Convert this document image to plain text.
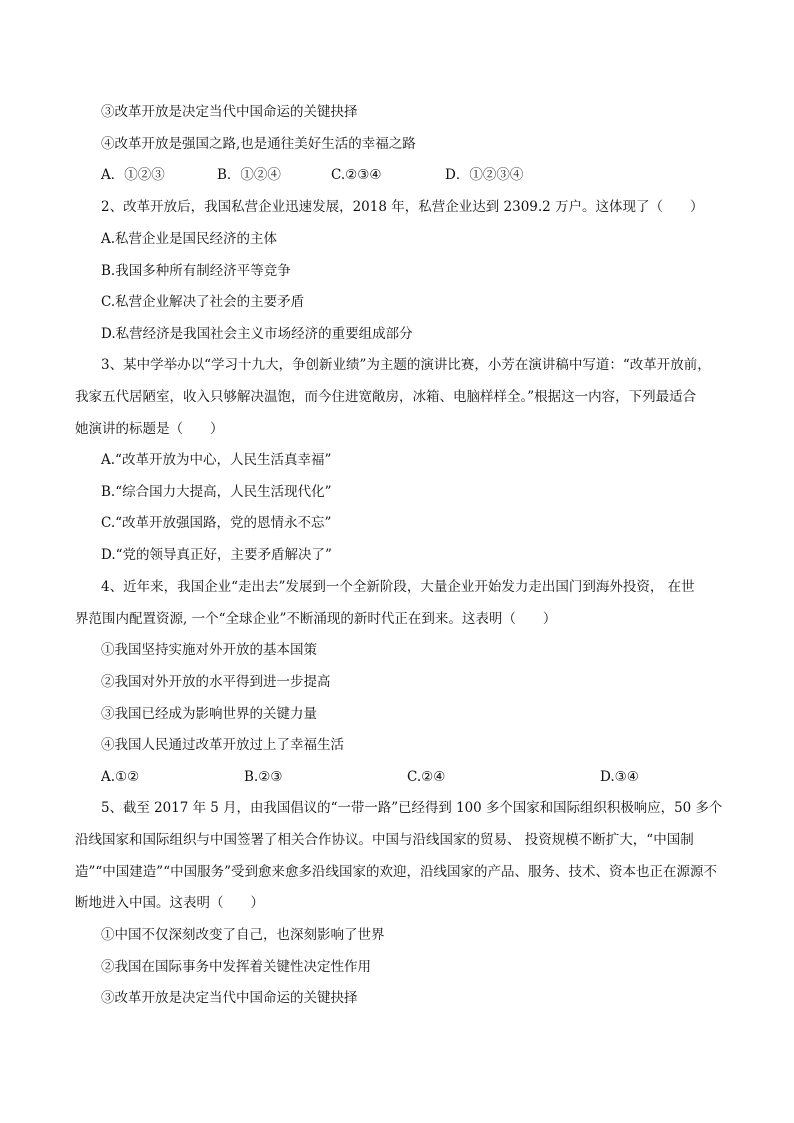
③改革开放是决定当代中国命运的关键抉择
④改革开放是强国之路,也是通往美好生活的幸福之路
A．①②③	B．①②④	C.②③④	D．①②③④
2、改革开放后，我国私营企业迅速发展，2018 年，私营企业达到 2309.2 万户。这体现了（　　）
A.私营企业是国民经济的主体
B.我国多种所有制经济平等竞争
C.私营企业解决了社会的主要矛盾
D.私营经济是我国社会主义市场经济的重要组成部分
3、某中学举办以“学习十九大，争创新业绩”为主题的演讲比赛，小芳在演讲稿中写道：“改革开放前，
我家五代居陋室，收入只够解决温饱，而今住进宽敞房，冰箱、电脑样样全。”根据这一内容，下列最适合
她演讲的标题是（　　）
A.“改革开放为中心，人民生活真幸福”
B.“综合国力大提高，人民生活现代化”
C.“改革开放强国路，党的恩情永不忘”
D.“党的领导真正好，主要矛盾解决了”
4、近年来，我国企业“走出去”发展到一个全新阶段，大量企业开始发力走出国门到海外投资， 在世
界范围内配置资源, 一个“全球企业”不断涌现的新时代正在到来。这表明（　　）
①我国坚持实施对外开放的基本国策
②我国对外开放的水平得到进一步提高
③我国已经成为影响世界的关键力量
④我国人民通过改革开放过上了幸福生活
A.①②	B.②③	C.②④	D.③④
5、截至 2017 年 5 月，由我国倡议的“一带一路”已经得到 100 多个国家和国际组织积极响应，50 多个
沿线国家和国际组织与中国签署了相关合作协议。中国与沿线国家的贸易、 投资规模不断扩大，“中国制
造”“中国建造”“中国服务”受到愈来愈多沿线国家的欢迎，沿线国家的产品、服务、技术、资本也正在源源不
断地进入中国。这表明（　　）
①中国不仅深刻改变了自己，也深刻影响了世界
②我国在国际事务中发挥着关键性决定性作用
③改革开放是决定当代中国命运的关键抉择
